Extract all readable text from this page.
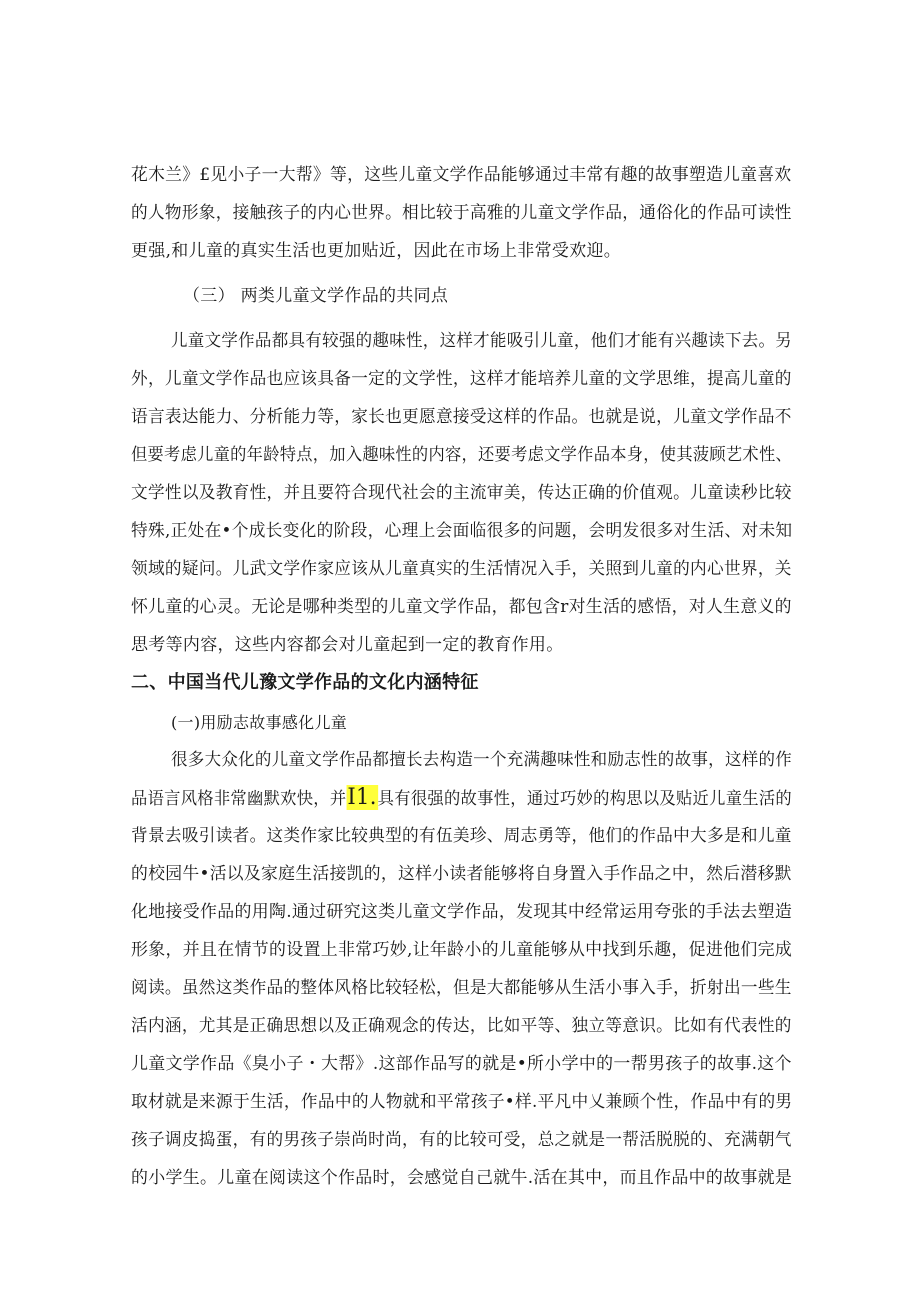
花木兰》£见小子一大帮》等，这些儿童文学作品能够通过丰常有趣的故事塑造儿童喜欢
的人物形象，接触孩子的内心世界。相比较于高雅的儿童文学作品，通俗化的作品可读性
更强,和儿童的真实生活也更加贴近，因此在市场上非常受欢迎。
（三） 两类儿童文学作品的共同点
儿童文学作品都具有较强的趣味性，这样才能吸引儿童，他们才能有兴趣读下去。另
外，儿童文学作品也应该具备一定的文学性，这样才能培养儿童的文学思维，提高儿童的
语言表达能力、分析能力等，家长也更愿意接受这样的作品。也就是说，儿童文学作品不
但要考虑儿童的年龄特点，加入趣味性的内容，还要考虑文学作品本身，使其菠顾艺术性、
文学性以及教育性，并且要符合现代社会的主流审美，传达正确的价值观。儿童读秒比较
特殊,正处在•个成长变化的阶段，心理上会面临很多的问题，会明发很多对生活、对未知
领域的疑问。儿武文学作家应该从儿童真实的生活情况入手，关照到儿童的内心世界，关
怀儿童的心灵。无论是哪种类型的儿童文学作品，都包含r对生活的感悟，对人生意义的
思考等内容，这些内容都会对儿童起到一定的教育作用。
二、中国当代儿豫文学作品的文化内涵特征
(一)用励志故事感化儿童
很多大众化的儿童文学作品都擅长去构造一个充满趣味性和励志性的故事，这样的作
品语言风格非常幽默欢快，并I1.具有很强的故事性，通过巧妙的构思以及贴近儿童生活的
背景去吸引读者。这类作家比较典型的有伍美珍、周志勇等，他们的作品中大多是和儿童
的校园牛•活以及家庭生活接凯的，这样小读者能够将自身置入手作品之中，然后潜移默
化地接受作品的用陶.通过研究这类儿童文学作品，发现其中经常运用夸张的手法去塑造
形象，并且在情节的设置上非常巧妙,让年龄小的儿童能够从中找到乐趣，促进他们完成
阅读。虽然这类作品的整体风格比较轻松，但是大都能够从生活小事入手，折射出一些生
活内涵，尤其是正确思想以及正确观念的传达，比如平等、独立等意识。比如有代表性的
儿童文学作品《臭小子・大帮》.这部作品写的就是•所小学中的一帮男孩子的故事.这个
取材就是来源于生活，作品中的人物就和平常孩子•样.平凡中乂兼顾个性，作品中有的男
孩子调皮捣蛋，有的男孩子崇尚时尚，有的比较可受，总之就是一帮活脱脱的、充满朝气
的小学生。儿童在阅读这个作品时，会感觉自己就牛.活在其中，而且作品中的故事就是
